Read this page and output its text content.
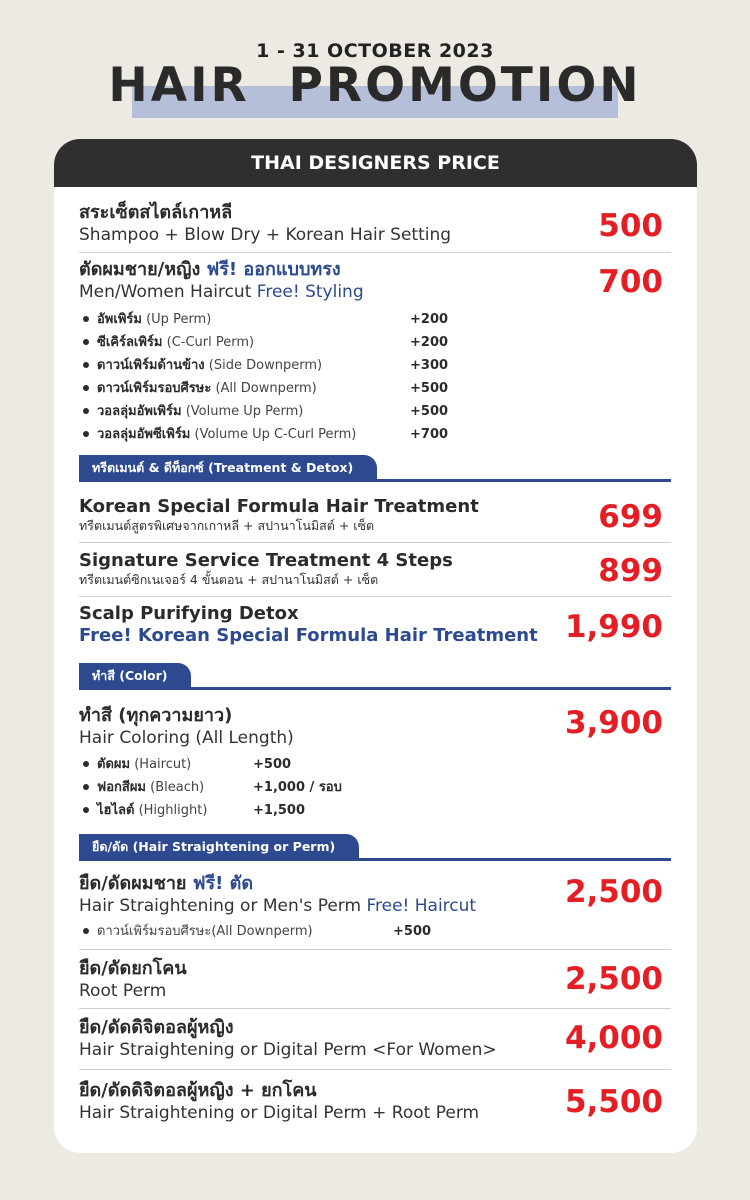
1 - 31 OCTOBER 2023
HAIR  PROMOTION
THAI DESIGNERS PRICE
สระเซ็ตสไตล์เกาหลี
Shampoo + Blow Dry + Korean Hair Setting	500
ตัดผมชาย/หญิง ฟรี! ออกแบบทรง
Men/Women Haircut Free! Styling	700
อัพเพิร์ม (Up Perm)	+200
ซีเคิร์ลเพิร์ม (C-Curl Perm)	+200
ดาวน์เพิร์มด้านข้าง (Side Downperm)	+300
ดาวน์เพิร์มรอบศีรษะ (All Downperm)	+500
วอลลุ่มอัพเพิร์ม (Volume Up Perm)	+500
วอลลุ่มอัพซีเพิร์ม (Volume Up C-Curl Perm)	+700
ทรีตเมนต์ & ดีท็อกซ์ (Treatment & Detox)
Korean Special Formula Hair Treatment
ทรีตเมนต์สูตรพิเศษจากเกาหลี + สปานาโนมิสต์ + เซ็ต	699
Signature Service Treatment 4 Steps
ทรีตเมนต์ซิกเนเจอร์ 4 ขั้นตอน + สปานาโนมิสต์ + เซ็ต	899
Scalp Purifying Detox
Free! Korean Special Formula Hair Treatment 1,990
ทำสี (Color)
ทำสี (ทุกความยาว)
Hair Coloring (All Length)	3,900
ตัดผม (Haircut)	+500
ฟอกสีผม (Bleach)	+1,000 / รอบ
ไฮไลต์ (Highlight)	+1,500
ยืด/ดัด (Hair Straightening or Perm)
ยืด/ดัดผมชาย ฟรี! ตัด
Hair Straightening or Men's Perm Free! Haircut	2,500
ดาวน์เพิร์มรอบศีรษะ(All Downperm)	+500
ยืด/ดัดยกโคน
Root Perm	2,500
ยืด/ดัดดิจิตอลผู้หญิง
Hair Straightening or Digital Perm <For Women>	4,000
ยืด/ดัดดิจิตอลผู้หญิง + ยกโคน
Hair Straightening or Digital Perm + Root Perm	5,500
